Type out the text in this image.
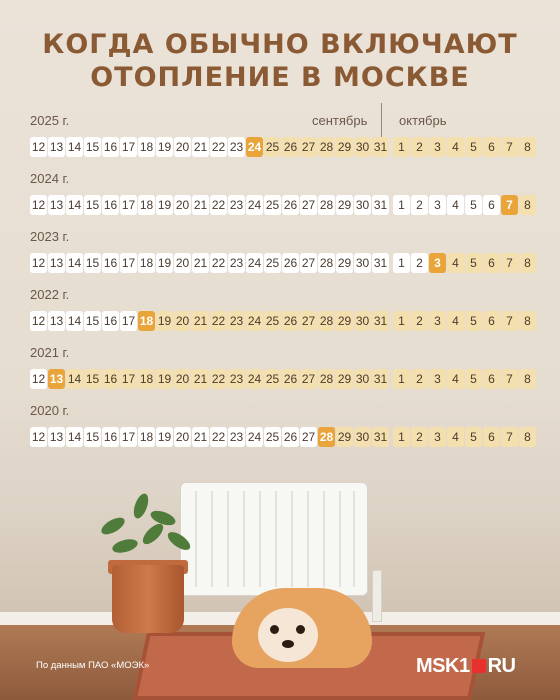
КОГДА ОБЫЧНО ВКЛЮЧАЮТ
ОТОПЛЕНИЕ В МОСКВЕ
сентябрь октябрь
2025 г.
12 13 14 15 16 17 18 19 20 21 22 23 24 25 26 27 28 29 30 31 1 2 3 4 5 6 7 8
2024 г.
12 13 14 15 16 17 18 19 20 21 22 23 24 25 26 27 28 29 30 31 1 2 3 4 5 6 7 8
2023 г.
12 13 14 15 16 17 18 19 20 21 22 23 24 25 26 27 28 29 30 31 1 2 3 4 5 6 7 8
2022 г.
12 13 14 15 16 17 18 19 20 21 22 23 24 25 26 27 28 29 30 31 1 2 3 4 5 6 7 8
2021 г.
12 13 14 15 16 17 18 19 20 21 22 23 24 25 26 27 28 29 30 31 1 2 3 4 5 6 7 8
2020 г.
12 13 14 15 16 17 18 19 20 21 22 23 24 25 26 27 28 29 30 31 1 2 3 4 5 6 7 8
По данным ПАО «МОЭК»	MSK1 RU
